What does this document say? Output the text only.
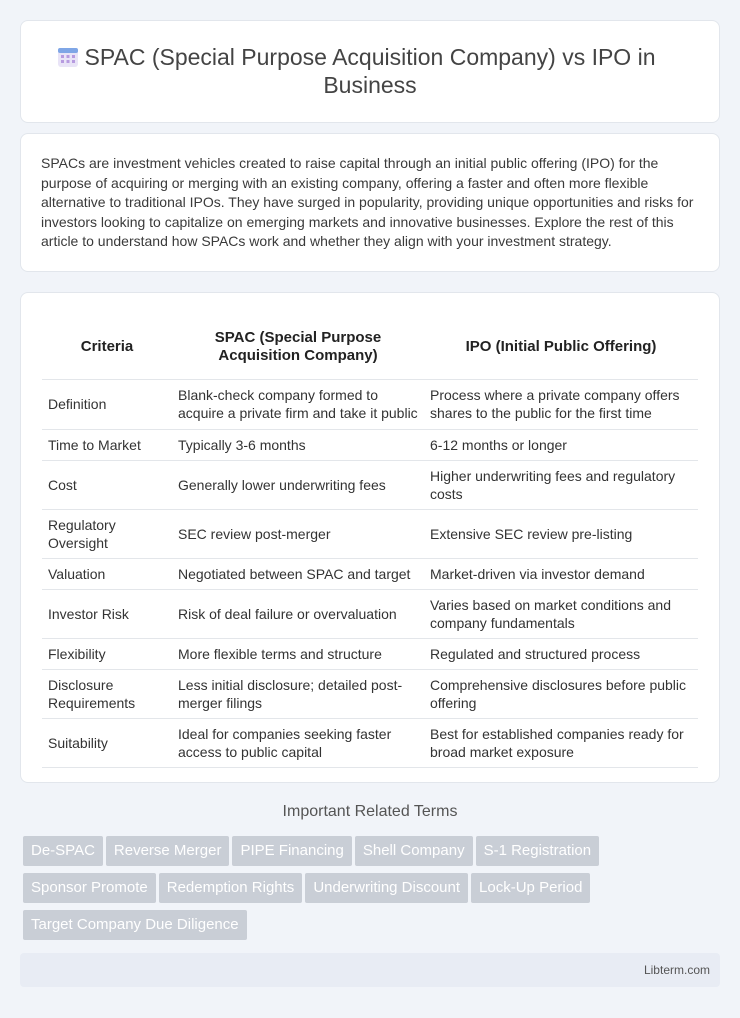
SPAC (Special Purpose Acquisition Company) vs IPO in
Business

SPACs are investment vehicles created to raise capital through an initial public offering (IPO) for the purpose of acquiring or merging with an existing company, offering a faster and often more flexible alternative to traditional IPOs. They have surged in popularity, providing unique opportunities and risks for investors looking to capitalize on emerging markets and innovative businesses. Explore the rest of this article to understand how SPACs work and whether they align with your investment strategy.

Criteria	SPAC (Special Purpose Acquisition Company)	IPO (Initial Public Offering)
Definition	Blank-check company formed to acquire a private firm and take it public	Process where a private company offers shares to the public for the first time
Time to Market	Typically 3-6 months	6-12 months or longer
Cost	Generally lower underwriting fees	Higher underwriting fees and regulatory costs
Regulatory Oversight	SEC review post-merger	Extensive SEC review pre-listing
Valuation	Negotiated between SPAC and target	Market-driven via investor demand
Investor Risk	Risk of deal failure or overvaluation	Varies based on market conditions and company fundamentals
Flexibility	More flexible terms and structure	Regulated and structured process
Disclosure Requirements	Less initial disclosure; detailed post-merger filings	Comprehensive disclosures before public offering
Suitability	Ideal for companies seeking faster access to public capital	Best for established companies ready for broad market exposure
Important Related Terms
De-SPAC Reverse Merger PIPE Financing Shell Company S-1 Registration
Sponsor Promote Redemption Rights Underwriting Discount Lock-Up Period
Target Company Due Diligence
Libterm.com
